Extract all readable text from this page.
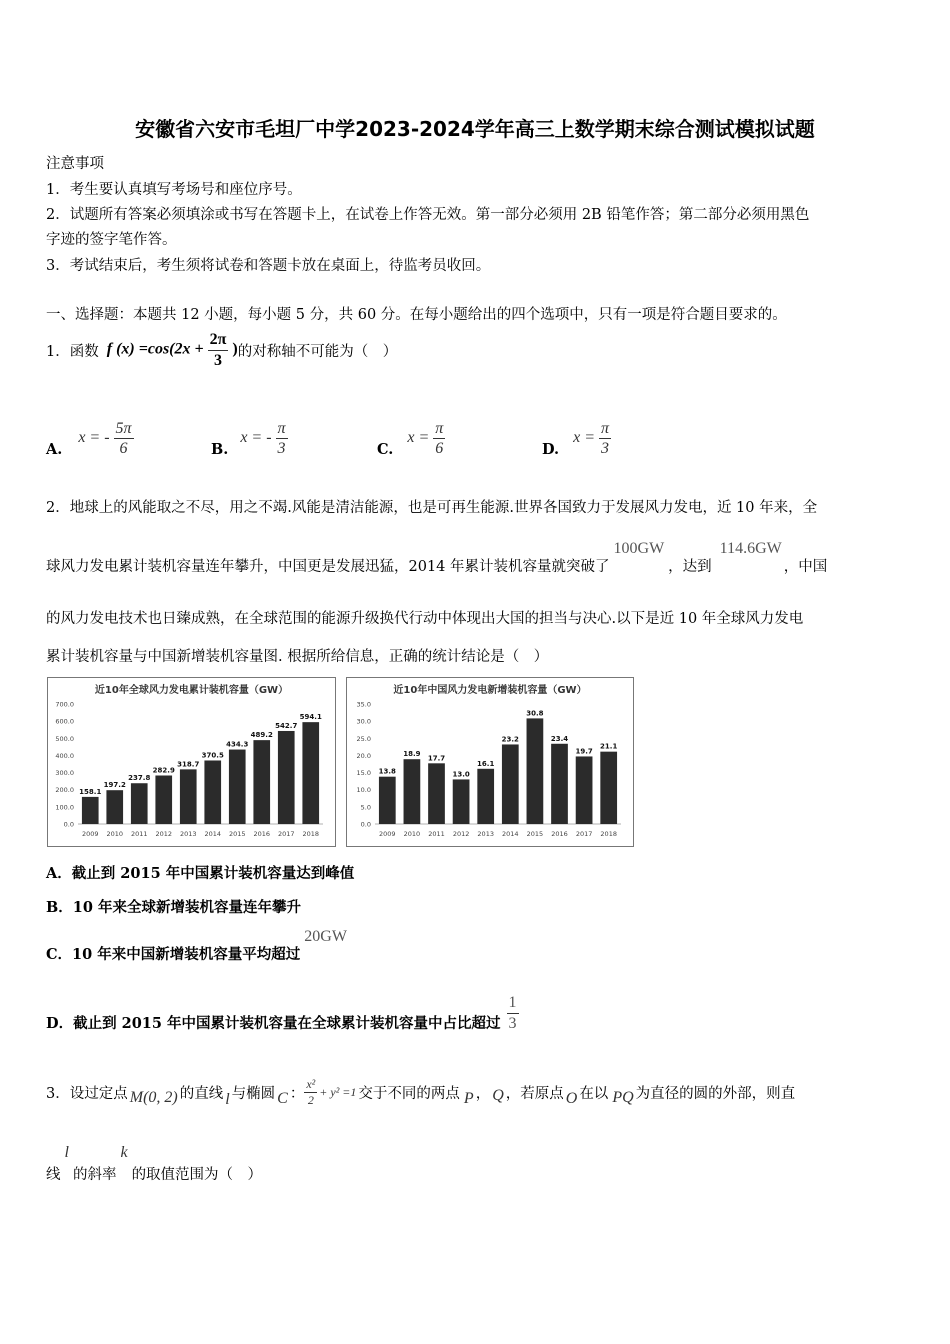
安徽省六安市毛坦厂中学2023-2024学年高三上数学期末综合测试模拟试题
注意事项
1．考生要认真填写考场号和座位序号。
2．试题所有答案必须填涂或书写在答题卡上，在试卷上作答无效。第一部分必须用 2B 铅笔作答；第二部分必须用黑色
字迹的签字笔作答。
3．考试结束后，考生须将试卷和答题卡放在桌面上，待监考员收回。
一、选择题：本题共 12 小题，每小题 5 分，共 60 分。在每小题给出的四个选项中，只有一项是符合题目要求的。
1．函数 f $(x) =\cos(2x + \frac{2\pi}{3}$ ) 的对称轴不可能为（　）
A.
x = - $\frac{5\pi}{6}$	B.
x = - $\frac{\pi}{3}$	C.
$x = \frac{\pi}{6}$	D.
$x = \frac{\pi}{3}$
2．地球上的风能取之不尽，用之不竭.风能是清洁能源，也是可再生能源.世界各国致力于发展风力发电，近 10 年来，全
球风力发电累计装机容量连年攀升，中国更是发展迅猛，2014 年累计装机容量就突破了
100GW
，达到
114.6GW
，中国
的风力发电技术也日臻成熟，在全球范围的能源升级换代行动中体现出大国的担当与决心.以下是近 10 年全球风力发电
累计装机容量与中国新增装机容量图. 根据所给信息，正确的统计结论是（　）
近10年全球风力发电累计装机容量（GW）
0.0
100.0
200.0
300.0
400.0
500.0
600.0
700.0
158.1
2009
197.2
2010
237.8
2011
282.9
2012
318.7
2013
370.5
2014
434.3
2015
489.2
2016
542.7
2017
594.1
2018
近10年中国风力发电新增装机容量（GW）
0.0
5.0
10.0
15.0
20.0
25.0
30.0
35.0
13.8
2009
18.9
2010
17.7
2011
13.0
2012
16.1
2013
23.2
2014
30.8
2015
23.4
2016
19.7
2017
21.1
2018
A．截止到 2015 年中国累计装机容量达到峰值
B．10 年来全球新增装机容量连年攀升
C．10 年来中国新增装机容量平均超过
20GW
D．截止到 2015 年中国累计装机容量在全球累计装机容量中占比超过 $\frac{1}{3}$
3．设过定点 M(0, 2) 的直线 l 与椭圆 C ： $\frac{\text{x²}}{2} + y^2 =1$ 交于不同的两点 P ， Q ，若原点 O 在以 PQ 为直径的圆的外部，则直
线
l
的斜率
k
的取值范围为（　）
